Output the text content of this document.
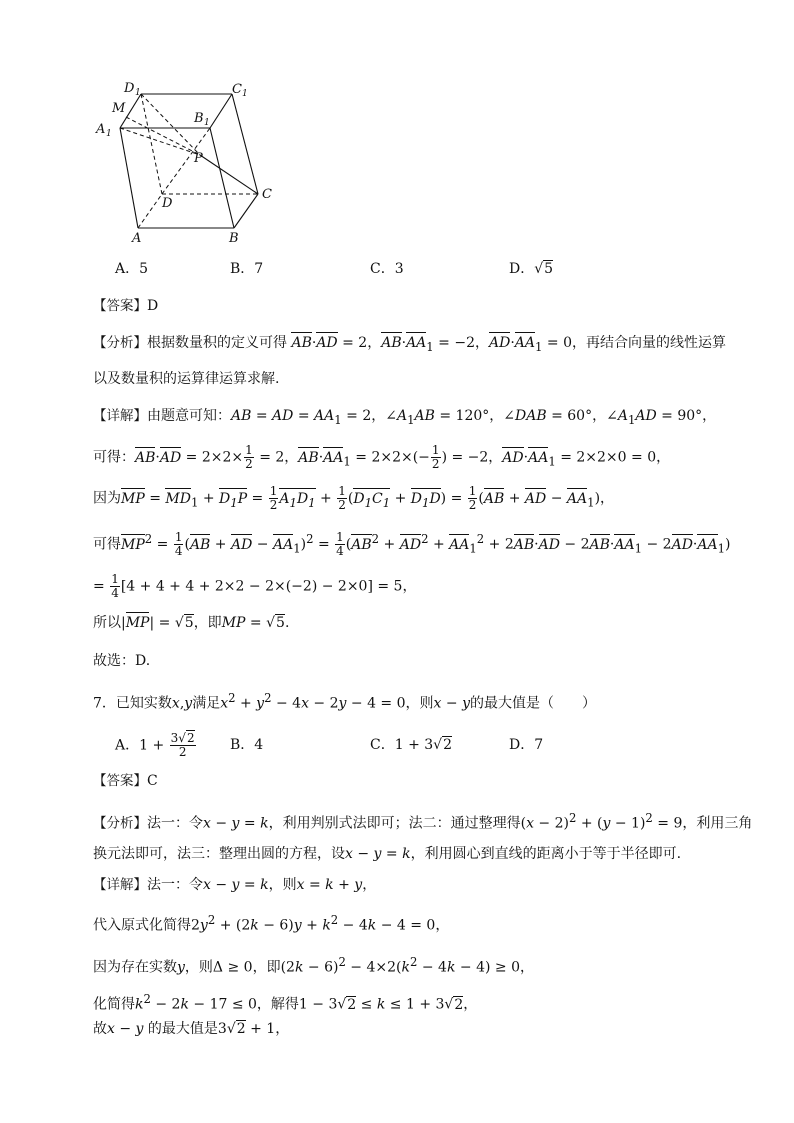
D 1	C 1
M
A 1
B 1
P
D
C
A	B
A．5	B．7	C．3	D．√5
【答案】D
【分析】根据数量积的定义可得 AB·AD = 2，$AB\cdot AA_1 = -2$，$AD\cdot AA_1 = 0$，再结合向量的线性运算
以及数量积的运算律运算求解.
【详解】由题意可知：AB = AD = $AA_1 = 2$，$\angle A_1AB = 120^\circ$，∠DAB = 60°，$\angle A_1AD = 90^\circ$，
可得：$AB\cdot AD = 2\times 2\times \frac{1}{2} = 2$，$AB\cdot AA_1 = 2\times 2\times(- \frac{1}{2}$ ) = −2，$AD\cdot AA_1 = 2\times 2\times 0 = 0$，
因为MP = $MD_1 + D_1P = \frac{1}{2} A_1D_1 + \frac{1}{2} (D_1C_1 + D_1D) = \frac{1}{2} (AB$ + AD − $AA_1$)，
可得$MP^2 = \frac{1}{4} (AB$ + AD − $AA_1)^2 = \frac{1}{4} (AB^2 + AD^2 + AA_1^2 + 2AB\cdot AD - 2AB\cdot AA_1 - 2AD\cdot AA_1)$
= $\frac{1}{4} [4 + 4 + 4 + 2\times 2 - 2\times(-2) - 2\times 0] = 5$，
所以|MP| = √5，即MP = √5.
故选：D.
7．已知实数x,y满足$x^2 + y^2 - 4x - 2y - 4 = 0$，则x − y的最大值是（　　）
A．$1 + \frac{3√2}{2}$ B．4	C．1 + 3√2	D．7
【答案】C
【分析】法一：令x − y = k，利用判别式法即可；法二：通过整理得$(x - 2)^2 + (y - 1)^2 = 9$，利用三角
换元法即可，法三：整理出圆的方程，设x − y = k，利用圆心到直线的距离小于等于半径即可.
【详解】法一：令x − y = k，则x = k + y，
代入原式化简得$2y^2 + (2k - 6)y + k^2 - 4k - 4 = 0$，
因为存在实数y，则Δ ≥ 0，即$(2k - 6)^2 - 4\times 2(k^2 - 4k - 4) \ge 0$，
化简得$k^2 - 2k - 17 \le 0$，解得1 − 3√2 ≤ k ≤ 1 + 3√2，
故x − y 的最大值是3√2 + 1，
